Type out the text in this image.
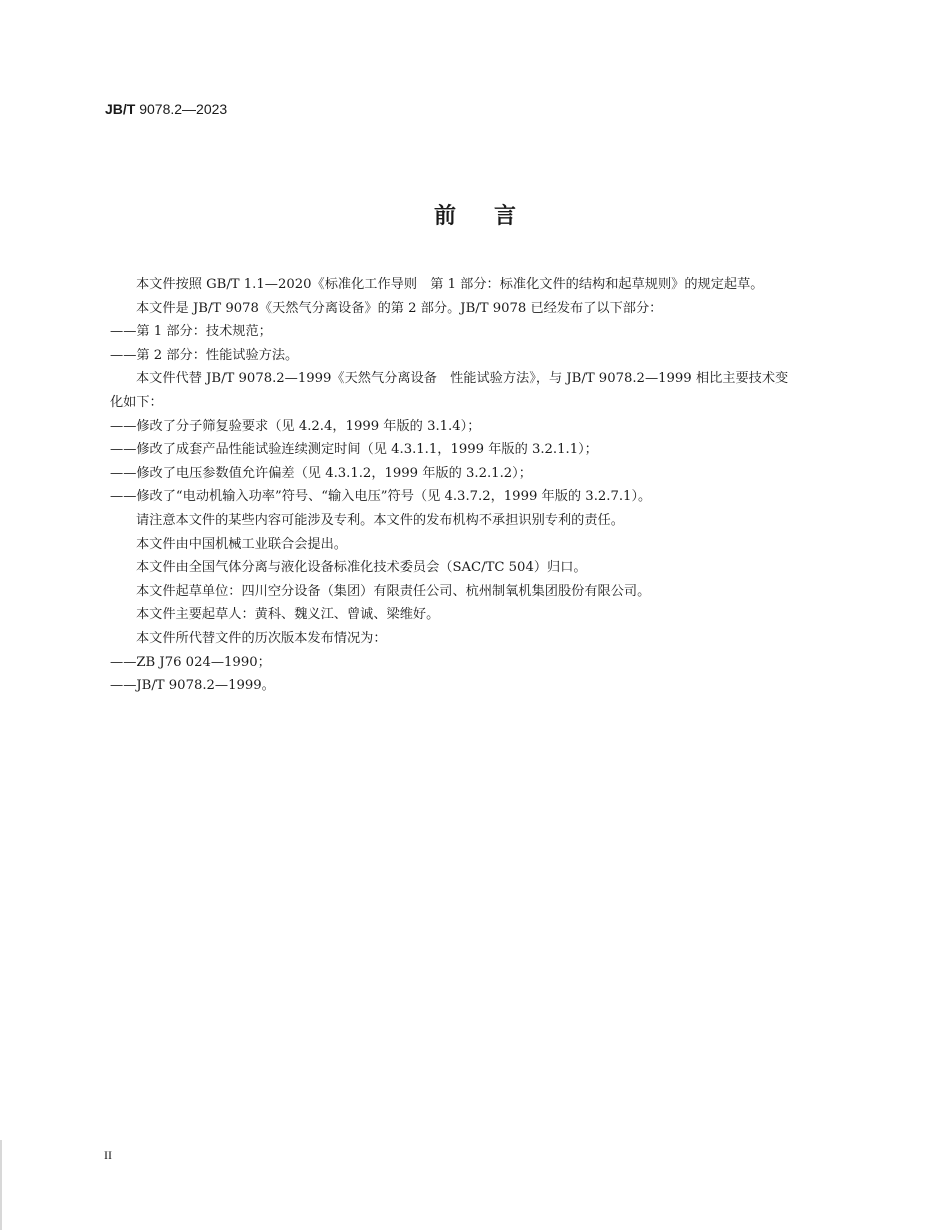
JB/T 9078.2—2023
前言

本文件按照 GB/T 1.1—2020《标准化工作导则　第 1 部分：标准化文件的结构和起草规则》的规定起草。

本文件是 JB/T 9078《天然气分离设备》的第 2 部分。JB/T 9078 已经发布了以下部分：

——第 1 部分：技术规范；

——第 2 部分：性能试验方法。

本文件代替 JB/T 9078.2—1999《天然气分离设备　性能试验方法》，与 JB/T 9078.2—1999 相比主要技术变化如下：

——修改了分子筛复验要求（见 4.2.4，1999 年版的 3.1.4）；

——修改了成套产品性能试验连续测定时间（见 4.3.1.1，1999 年版的 3.2.1.1）；

——修改了电压参数值允许偏差（见 4.3.1.2，1999 年版的 3.2.1.2）；

——修改了“电动机输入功率”符号、“输入电压”符号（见 4.3.7.2，1999 年版的 3.2.7.1）。

请注意本文件的某些内容可能涉及专利。本文件的发布机构不承担识别专利的责任。

本文件由中国机械工业联合会提出。

本文件由全国气体分离与液化设备标准化技术委员会（SAC/TC 504）归口。

本文件起草单位：四川空分设备（集团）有限责任公司、杭州制氧机集团股份有限公司。

本文件主要起草人：黄科、魏义江、曾诚、梁维好。

本文件所代替文件的历次版本发布情况为：

——ZB J76 024—1990；

——JB/T 9078.2—1999。

II
